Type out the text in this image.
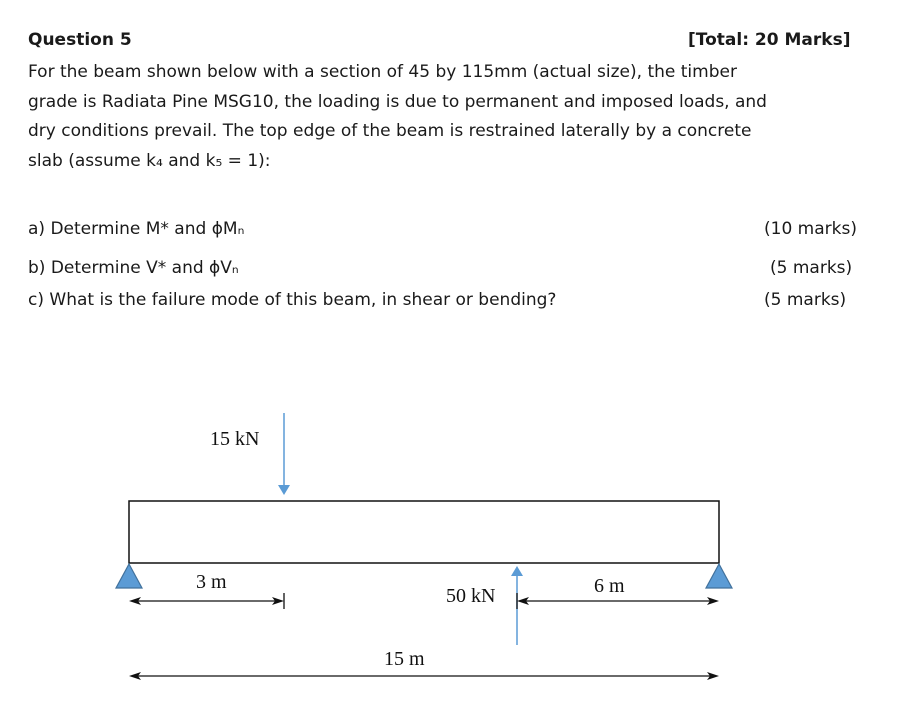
Question 5	[Total: 20 Marks]
For the beam shown below with a section of 45 by 115mm (actual size), the timber
grade is Radiata Pine MSG10, the loading is due to permanent and imposed loads, and
dry conditions prevail. The top edge of the beam is restrained laterally by a concrete
slab (assume k₄ and k₅ = 1):
a) Determine M* and ϕMₙ	(10 marks)
b) Determine V* and ϕVₙ	(5 marks)
c) What is the failure mode of this beam, in shear or bending?	(5 marks)
15 kN
3 m
50 kN	6 m
15 m
